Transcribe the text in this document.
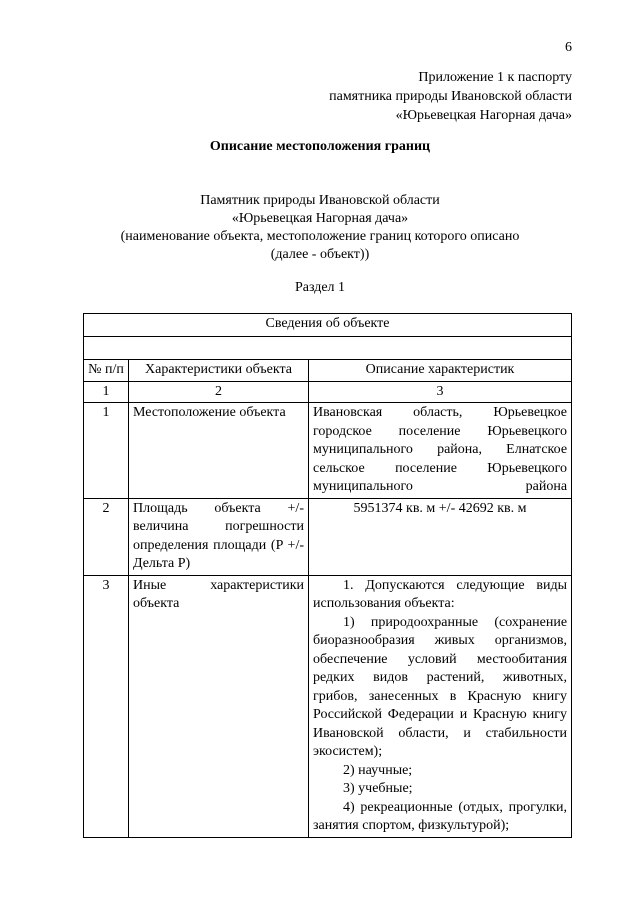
6
Приложение 1 к паспорту
памятника природы Ивановской области
«Юрьевецкая Нагорная дача»
Описание местоположения границ
Памятник природы Ивановской области
«Юрьевецкая Нагорная дача»
(наименование объекта, местоположение границ которого описано
(далее - объект))
Раздел 1
Сведения об объекте		

№ п/п	Характеристики объекта	Описание характеристик
1	2	3
1	Местоположение объекта	Ивановская область, Юрьевецкое городское поселение Юрьевецкого муниципального района, Елнатское сельское поселение Юрьевецкого муниципального района
2	Площадь объекта +/- величина погрешности определения площади (P +/- Дельта P)	5951374 кв. м +/- 42692 кв. м
3	Иные характеристики объекта	1. Допускаются следующие виды использования объекта:
1) природоохранные (сохранение биоразнообразия живых организмов, обеспечение условий местообитания редких видов растений, животных, грибов, занесенных в Красную книгу Российской Федерации и Красную книгу Ивановской области, и стабильности экосистем);
2) научные;
3) учебные;
4) рекреационные (отдых, прогулки, занятия спортом, физкультурой);
